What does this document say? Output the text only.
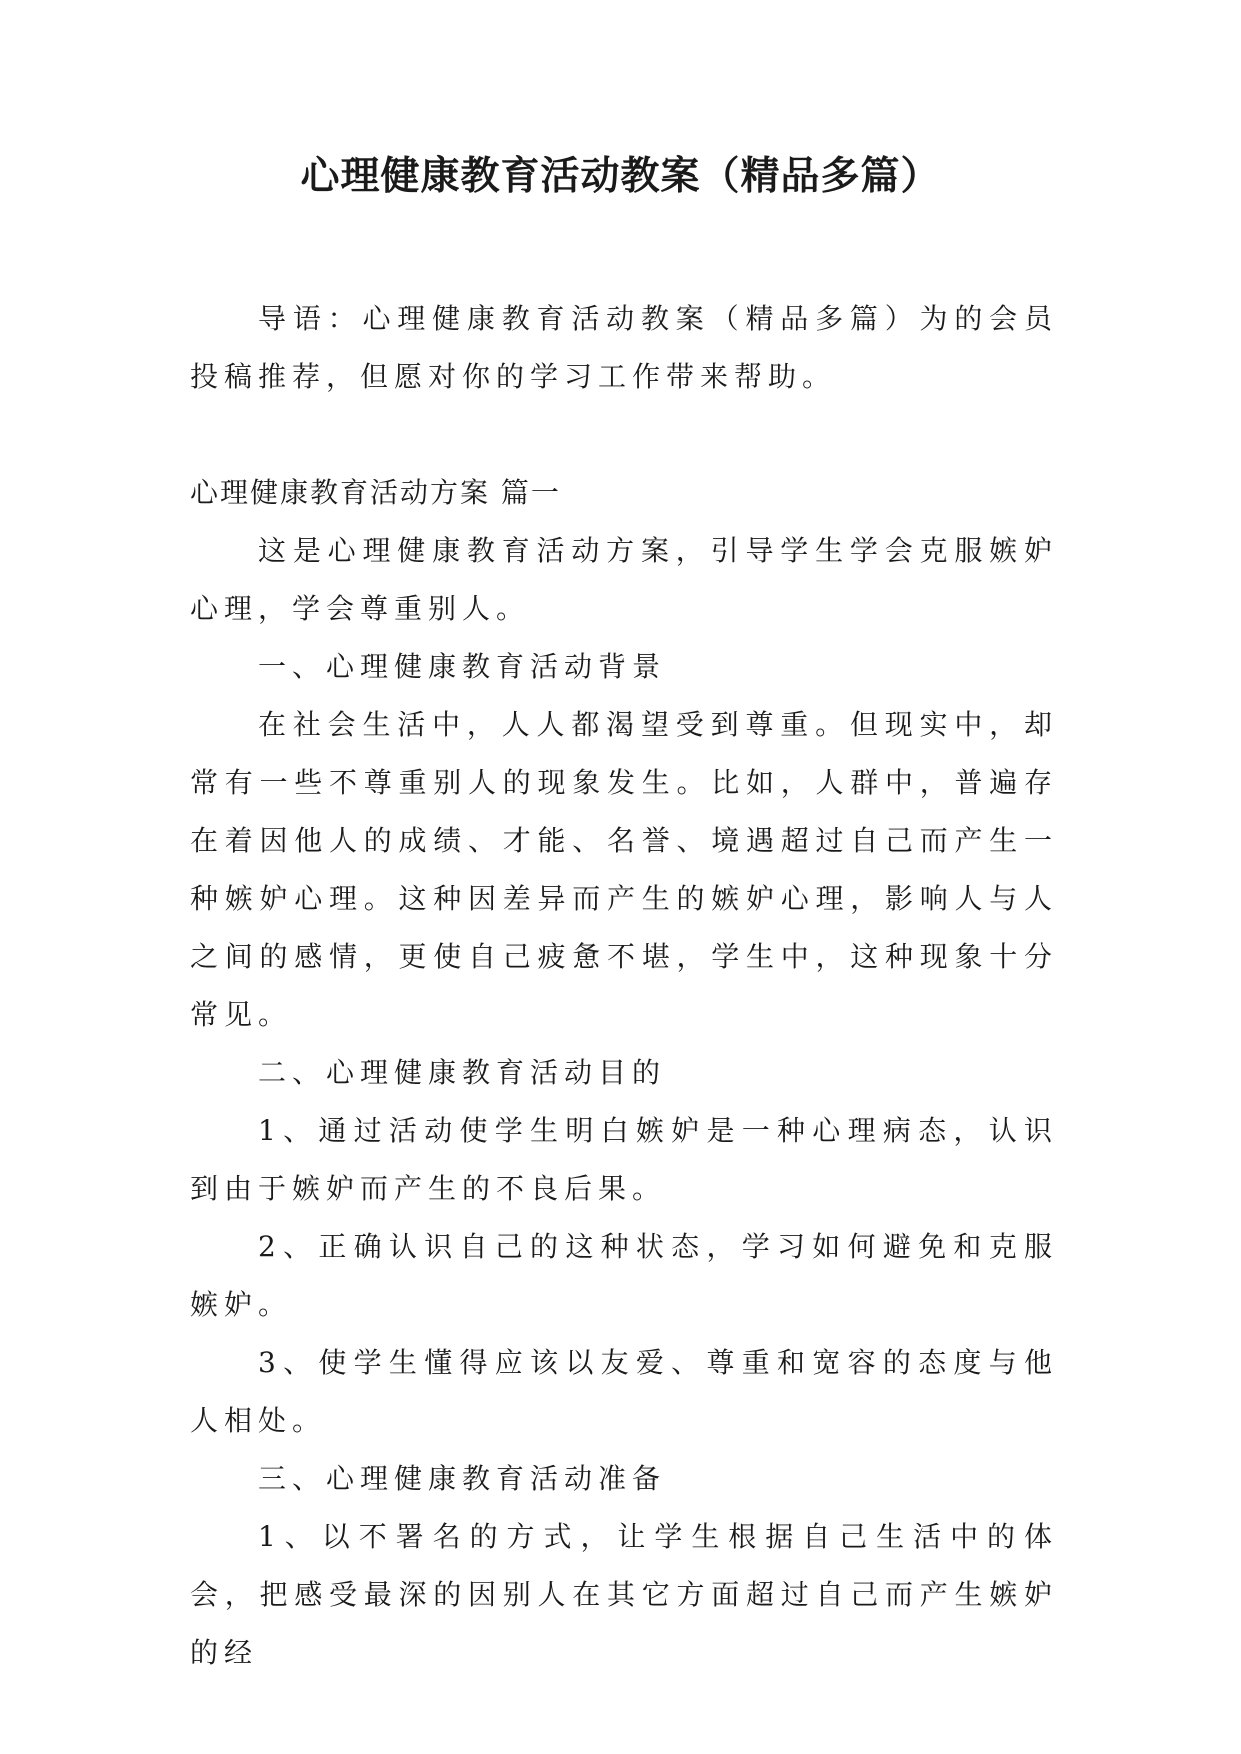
心理健康教育活动教案（精品多篇）

导语：心理健康教育活动教案（精品多篇）为的会员投稿推荐，但愿对你的学习工作带来帮助。

心理健康教育活动方案 篇一

这是心理健康教育活动方案，引导学生学会克服嫉妒心理，学会尊重别人。

一、心理健康教育活动背景

在社会生活中，人人都渴望受到尊重。但现实中，却常有一些不尊重别人的现象发生。比如，人群中，普遍存在着因他人的成绩、才能、名誉、境遇超过自己而产生一种嫉妒心理。这种因差异而产生的嫉妒心理，影响人与人之间的感情，更使自己疲惫不堪，学生中，这种现象十分常见。

二、心理健康教育活动目的

1、通过活动使学生明白嫉妒是一种心理病态，认识到由于嫉妒而产生的不良后果。

2、正确认识自己的这种状态，学习如何避免和克服嫉妒。

3、使学生懂得应该以友爱、尊重和宽容的态度与他人相处。

三、心理健康教育活动准备

1、以不署名的方式，让学生根据自己生活中的体会，把感受最深的因别人在其它方面超过自己而产生嫉妒的经
